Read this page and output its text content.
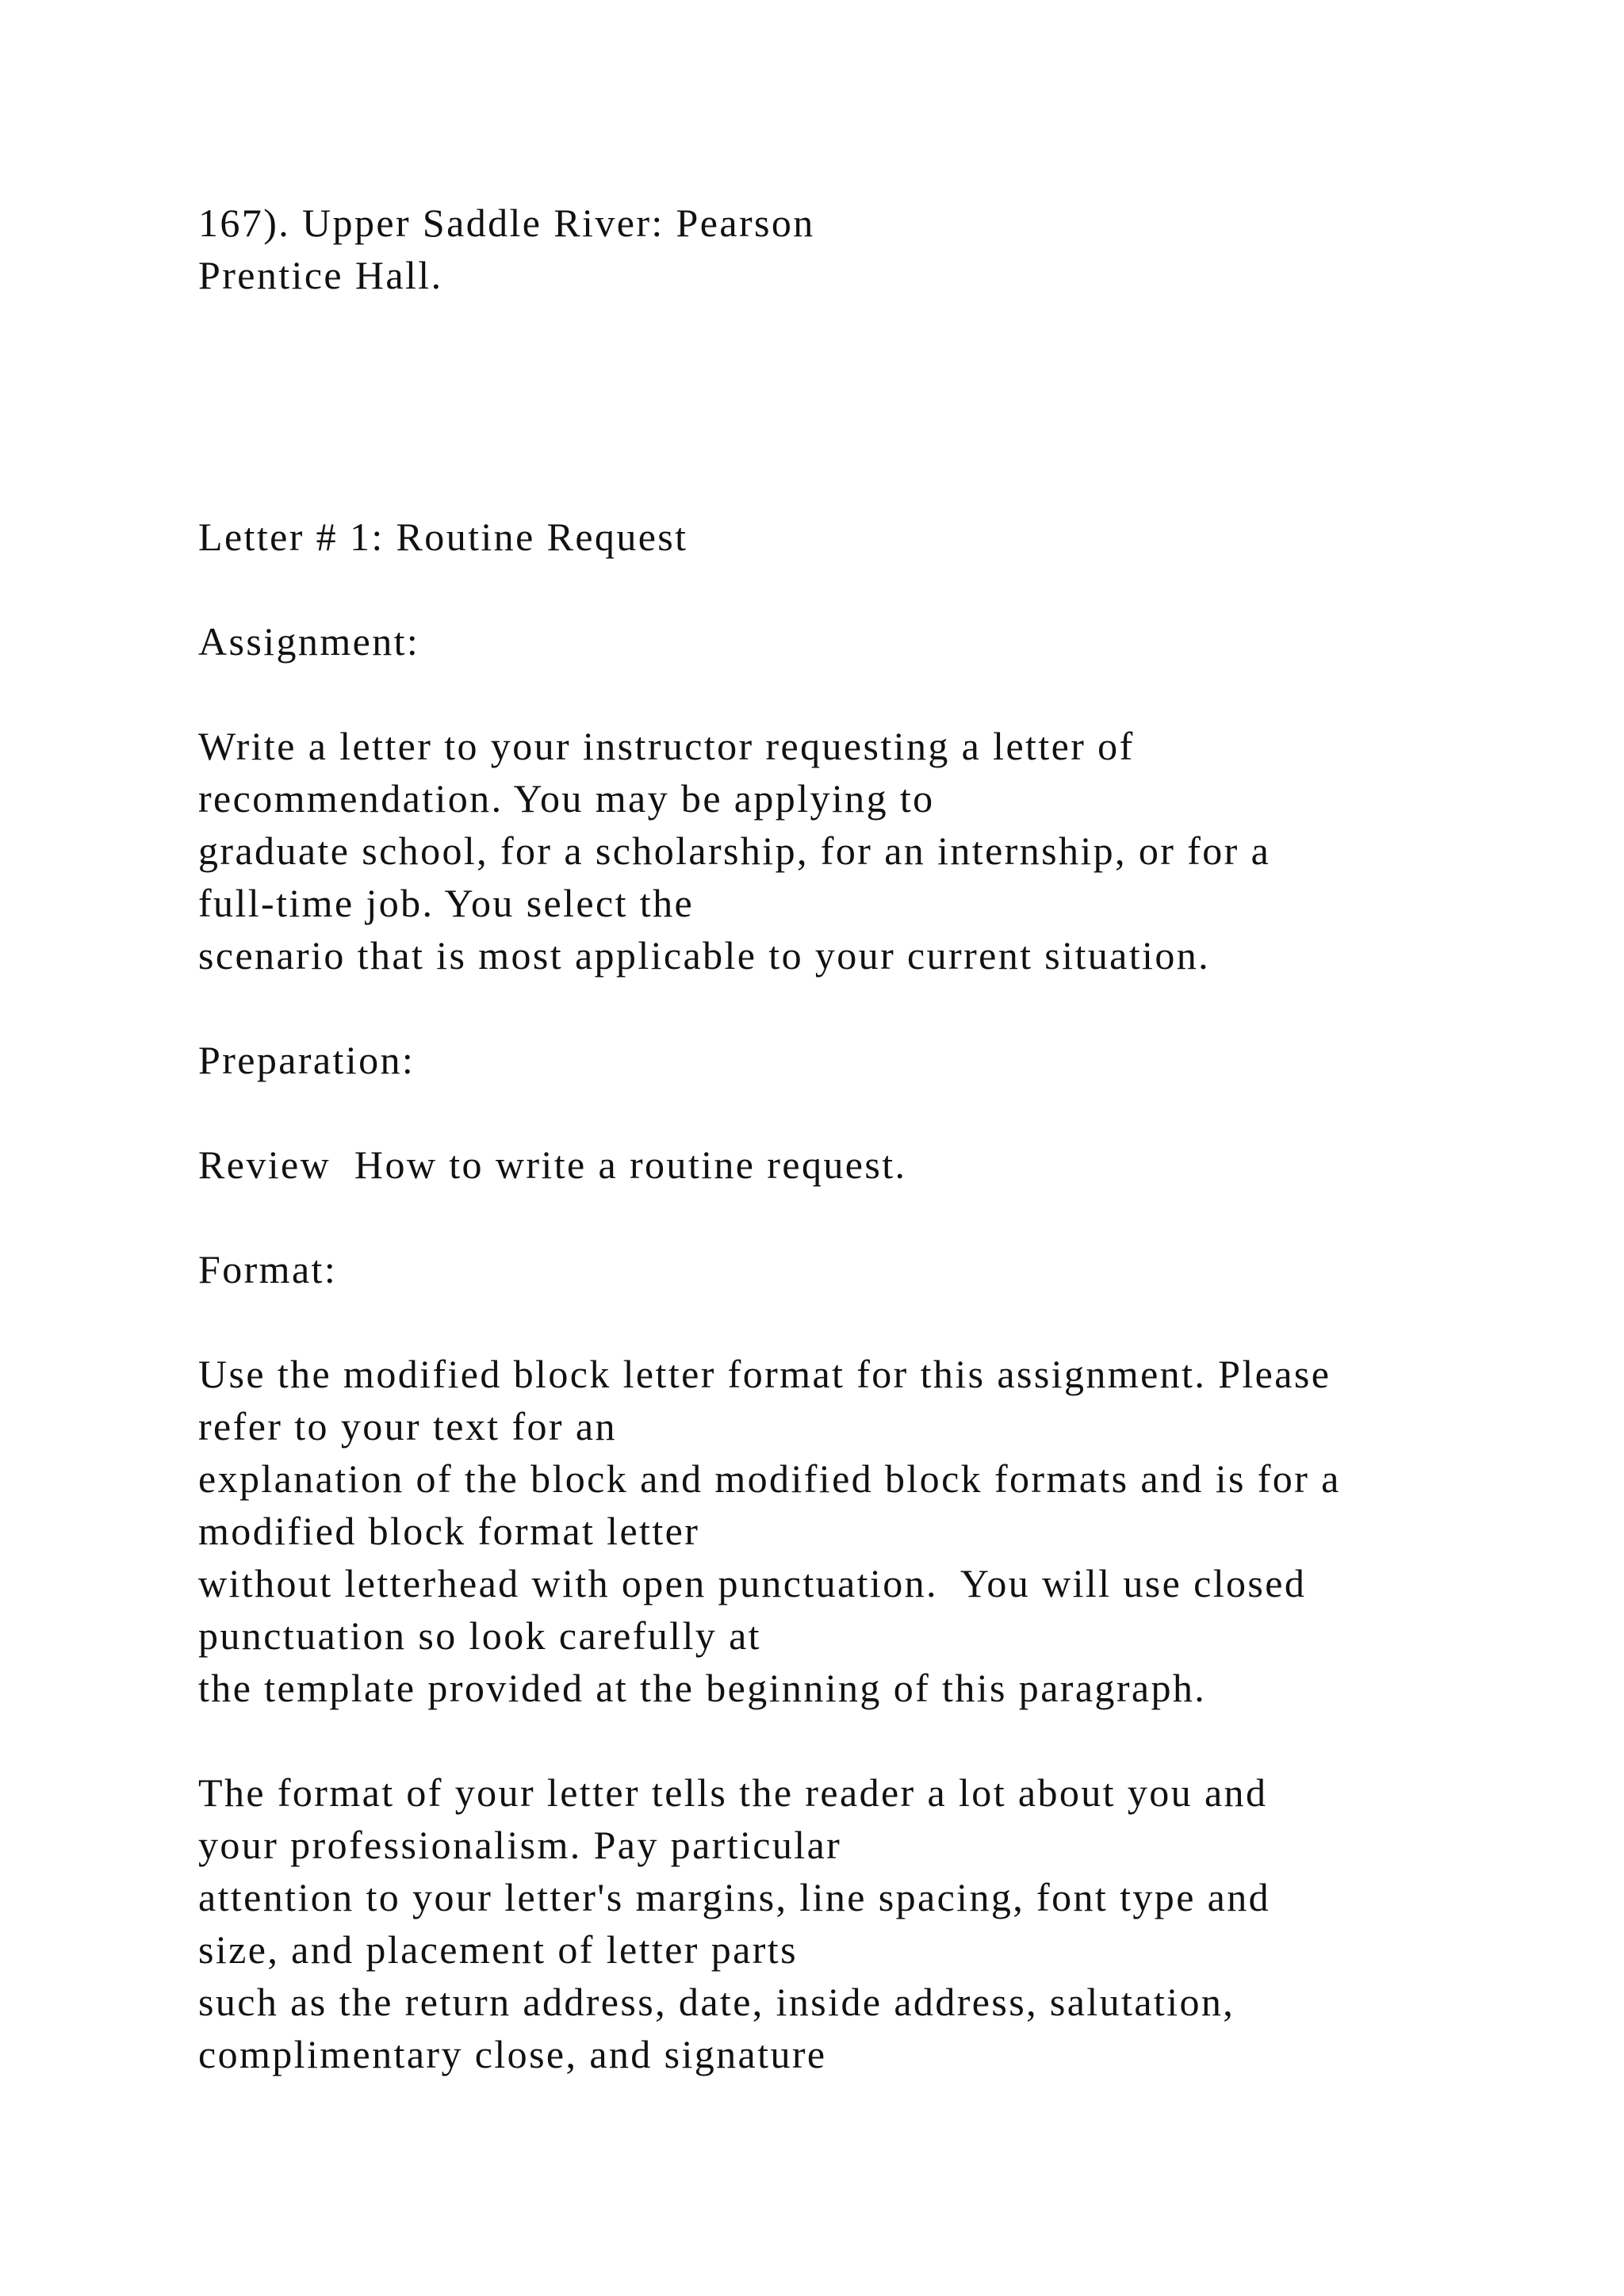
167). Upper Saddle River: Pearson
Prentice Hall.
Letter # 1: Routine Request
Assignment:
Write a letter to your instructor requesting a letter of
recommendation. You may be applying to
graduate school, for a scholarship, for an internship, or for a
full-time job. You select the
scenario that is most applicable to your current situation.
Preparation:
Review  How to write a routine request.
Format:
Use the modified block letter format for this assignment. Please
refer to your text for an
explanation of the block and modified block formats and is for a
modified block format letter
without letterhead with open punctuation.  You will use closed
punctuation so look carefully at
the template provided at the beginning of this paragraph.
The format of your letter tells the reader a lot about you and
your professionalism. Pay particular
attention to your letter's margins, line spacing, font type and
size, and placement of letter parts
such as the return address, date, inside address, salutation,
complimentary close, and signature
